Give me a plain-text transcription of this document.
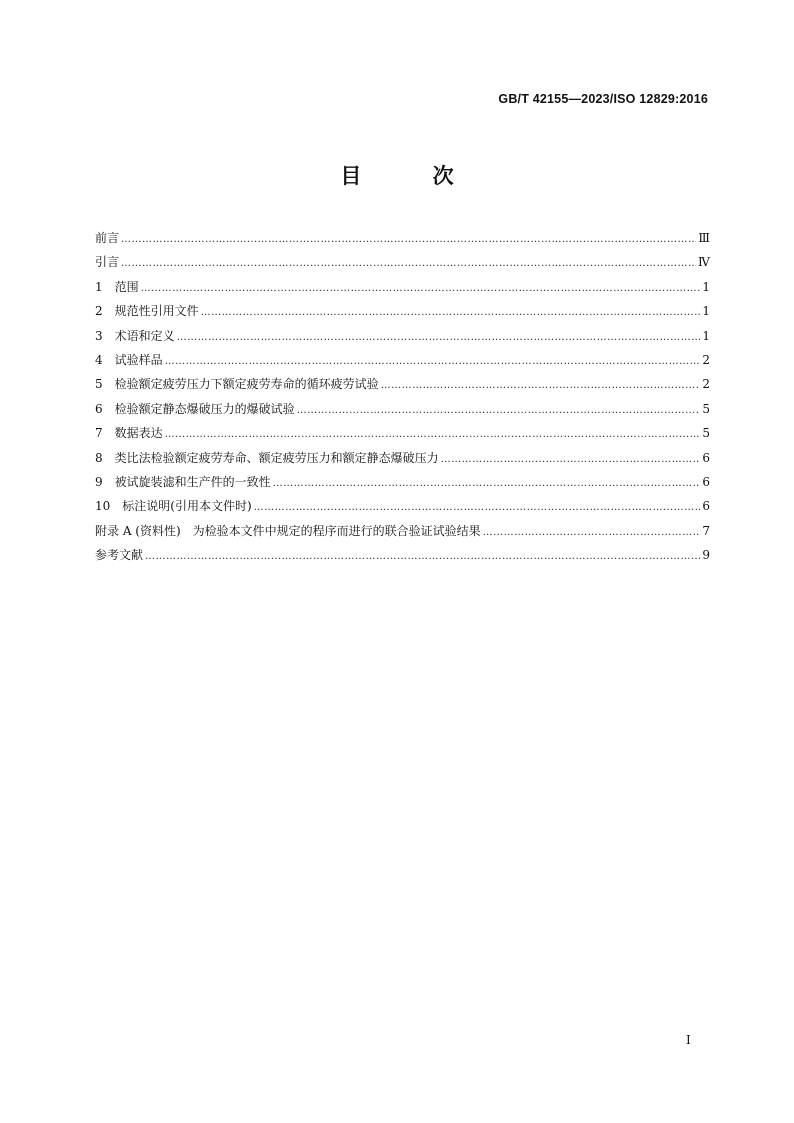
GB/T 42155—2023/ISO 12829:2016
目 次
前言 ……………………………………………………………………………………………………………………………………………………………………………………………………………………	Ⅲ
引言 ……………………………………………………………………………………………………………………………………………………………………………………………………………………	Ⅳ
1　范围 ……………………………………………………………………………………………………………………………………………………………………………………………………………………	1
2　规范性引用文件 ……………………………………………………………………………………………………………………………………………………………………………………………………………………	1
3　术语和定义 ……………………………………………………………………………………………………………………………………………………………………………………………………………………	1
4　试验样品 ……………………………………………………………………………………………………………………………………………………………………………………………………………………	2
5　检验额定疲劳压力下额定疲劳寿命的循环疲劳试验 ……………………………………………………………………………………………………………………………………………………………………………………………………………………	2
6　检验额定静态爆破压力的爆破试验 ……………………………………………………………………………………………………………………………………………………………………………………………………………………	5
7　数据表达 ……………………………………………………………………………………………………………………………………………………………………………………………………………………	5
8　类比法检验额定疲劳寿命、额定疲劳压力和额定静态爆破压力 ……………………………………………………………………………………………………………………………………………………………………………………………………………………	6
9　被试旋装滤和生产件的一致性 ……………………………………………………………………………………………………………………………………………………………………………………………………………………	6
10　标注说明(引用本文件时) ……………………………………………………………………………………………………………………………………………………………………………………………………………………	6
附录 A (资料性)　为检验本文件中规定的程序而进行的联合验证试验结果 ……………………………………………………………………………………………………………………………………………………………………………………………………………………	7
参考文献 ……………………………………………………………………………………………………………………………………………………………………………………………………………………	9
I
